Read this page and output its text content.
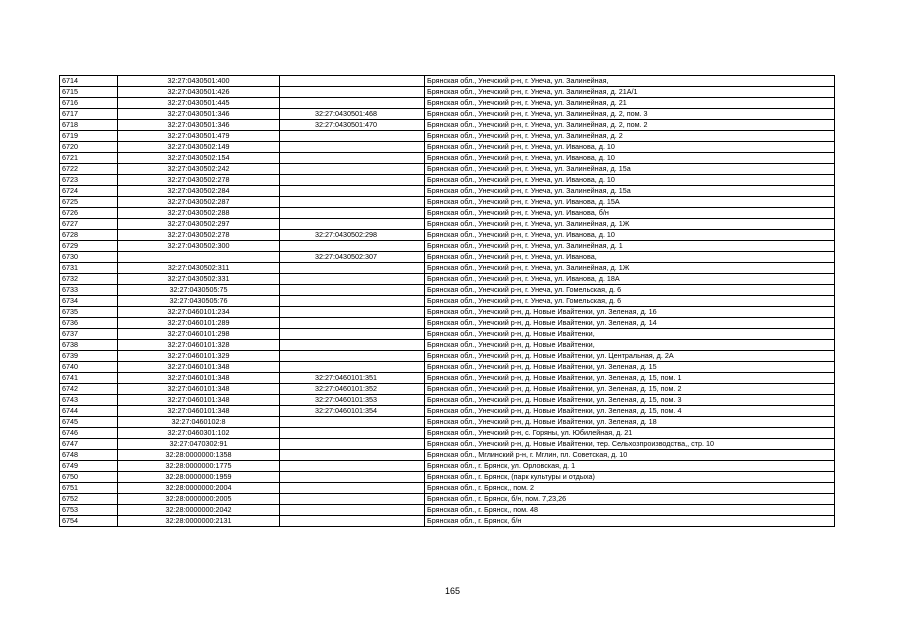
6714	32:27:0430501:400		Брянская обл., Унечский р-н, г. Унеча, ул. Залинейная,
6715	32:27:0430501:426		Брянская обл., Унечский р-н, г. Унеча, ул. Залинейная, д. 21А/1
6716	32:27:0430501:445		Брянская обл., Унечский р-н, г. Унеча, ул. Залинейная, д. 21
6717	32:27:0430501:346	32:27:0430501:468	Брянская обл., Унечский р-н, г. Унеча, ул. Залинейная, д. 2, пом. 3
6718	32:27:0430501:346	32:27:0430501:470	Брянская обл., Унечский р-н, г. Унеча, ул. Залинейная, д. 2, пом. 2
6719	32:27:0430501:479		Брянская обл., Унечский р-н, г. Унеча, ул. Залинейная, д. 2
6720	32:27:0430502:149		Брянская обл., Унечский р-н, г. Унеча, ул. Иванова, д. 10
6721	32:27:0430502:154		Брянская обл., Унечский р-н, г. Унеча, ул. Иванова, д. 10
6722	32:27:0430502:242		Брянская обл., Унечский р-н, г. Унеча, ул. Залинейная, д. 15а
6723	32:27:0430502:278		Брянская обл., Унечский р-н, г. Унеча, ул. Иванова, д. 10
6724	32:27:0430502:284		Брянская обл., Унечский р-н, г. Унеча, ул. Залинейная, д. 15а
6725	32:27:0430502:287		Брянская обл., Унечский р-н, г. Унеча, ул. Иванова, д. 15А
6726	32:27:0430502:288		Брянская обл., Унечский р-н, г. Унеча, ул. Иванова, б/н
6727	32:27:0430502:297		Брянская обл., Унечский р-н, г. Унеча, ул. Залинейная, д. 1Ж
6728	32:27:0430502:278	32:27:0430502:298	Брянская обл., Унечский р-н, г. Унеча, ул. Иванова, д. 10
6729	32:27:0430502:300		Брянская обл., Унечский р-н, г. Унеча, ул. Залинейная, д. 1
6730		32:27:0430502:307	Брянская обл., Унечский р-н, г. Унеча, ул. Иванова,
6731	32:27:0430502:311		Брянская обл., Унечский р-н, г. Унеча, ул. Залинейная, д. 1Ж
6732	32:27:0430502:331		Брянская обл., Унечский р-н, г. Унеча, ул. Иванова, д. 18А
6733	32:27:0430505:75		Брянская обл., Унечский р-н, г. Унеча, ул. Гомельская, д. 6
6734	32:27:0430505:76		Брянская обл., Унечский р-н, г. Унеча, ул. Гомельская, д. 6
6735	32:27:0460101:234		Брянская обл., Унечский р-н, д. Новые Ивайтенки, ул. Зеленая, д. 16
6736	32:27:0460101:289		Брянская обл., Унечский р-н, д. Новые Ивайтенки, ул. Зеленая, д. 14
6737	32:27:0460101:298		Брянская обл., Унечский р-н, д. Новые Ивайтенки,
6738	32:27:0460101:328		Брянская обл., Унечский р-н, д. Новые Ивайтенки,
6739	32:27:0460101:329		Брянская обл., Унечский р-н, д. Новые Ивайтенки, ул. Центральная, д. 2А
6740	32:27:0460101:348		Брянская обл., Унечский р-н, д. Новые Ивайтенки, ул. Зеленая, д. 15
6741	32:27:0460101:348	32:27:0460101:351	Брянская обл., Унечский р-н, д. Новые Ивайтенки, ул. Зеленая, д. 15, пом. 1
6742	32:27:0460101:348	32:27:0460101:352	Брянская обл., Унечский р-н, д. Новые Ивайтенки, ул. Зеленая, д. 15, пом. 2
6743	32:27:0460101:348	32:27:0460101:353	Брянская обл., Унечский р-н, д. Новые Ивайтенки, ул. Зеленая, д. 15, пом. 3
6744	32:27:0460101:348	32:27:0460101:354	Брянская обл., Унечский р-н, д. Новые Ивайтенки, ул. Зеленая, д. 15, пом. 4
6745	32:27:0460102:8		Брянская обл., Унечский р-н, д. Новые Ивайтенки, ул. Зеленая, д. 18
6746	32:27:0460301:102		Брянская обл., Унечский р-н, с. Горяны, ул. Юбилейная, д. 21
6747	32:27:0470302:91		Брянская обл., Унечский р-н, д. Новые Ивайтенки, тер. Сельхозпроизводства,, стр. 10
6748	32:28:0000000:1358		Брянская обл., Мглинский р-н, г. Мглин, пл. Советская, д. 10
6749	32:28:0000000:1775		Брянская обл., г. Брянск, ул. Орловская, д. 1
6750	32:28:0000000:1959		Брянская обл., г. Брянск, (парк культуры и отдыха)
6751	32:28:0000000:2004		Брянская обл., г. Брянск,, пом. 2
6752	32:28:0000000:2005		Брянская обл., г. Брянск, б/н, пом. 7,23,26
6753	32:28:0000000:2042		Брянская обл., г. Брянск,, пом. 48
6754	32:28:0000000:2131		Брянская обл., г. Брянск, б/н
165
